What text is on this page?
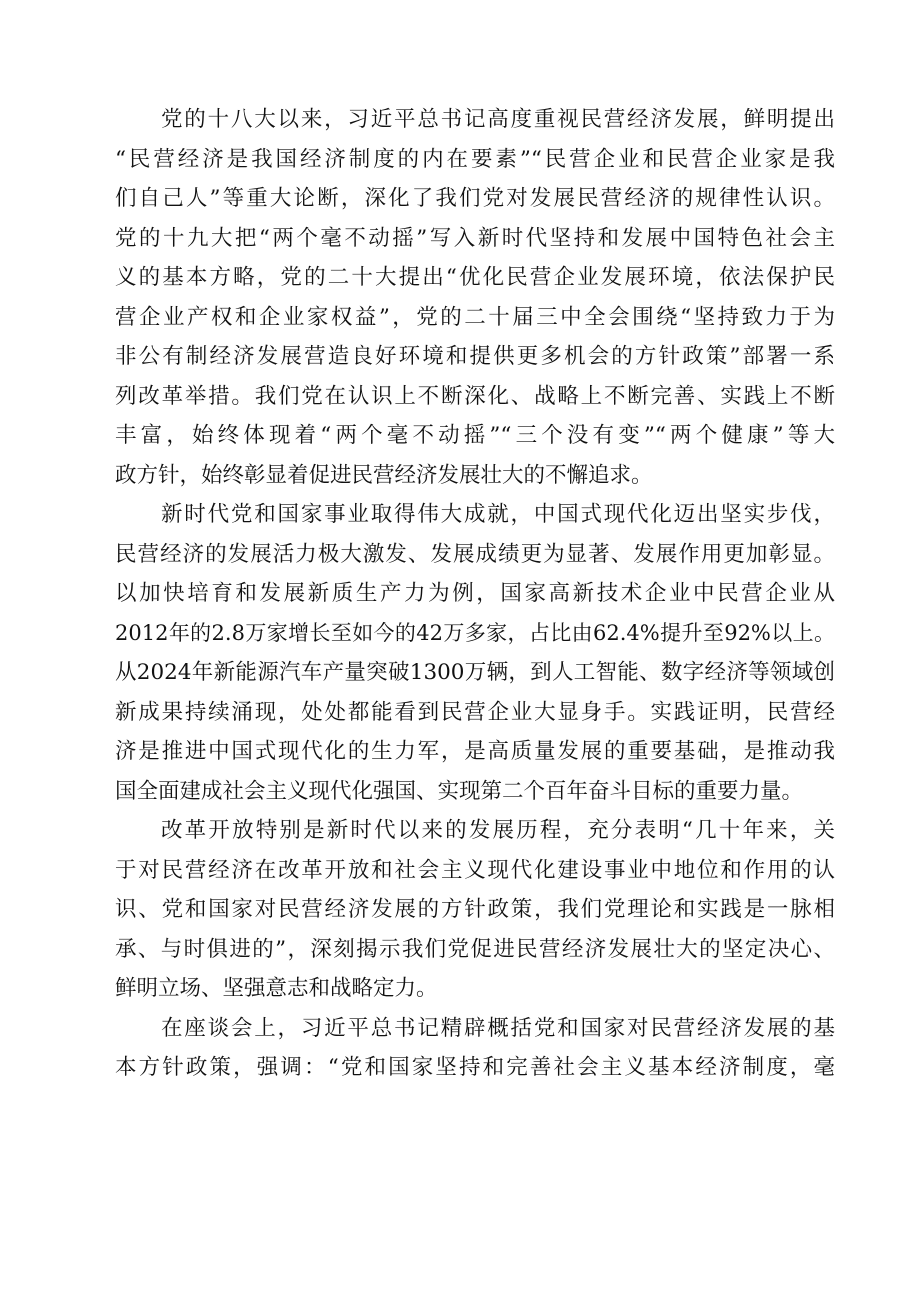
党的十八大以来，习近平总书记高度重视民营经济发展，鲜明提出
“民营经济是我国经济制度的内在要素”“民营企业和民营企业家是我
们自己人”等重大论断，深化了我们党对发展民营经济的规律性认识。
党的十九大把“两个毫不动摇”写入新时代坚持和发展中国特色社会主
义的基本方略，党的二十大提出“优化民营企业发展环境，依法保护民
营企业产权和企业家权益”，党的二十届三中全会围绕“坚持致力于为
非公有制经济发展营造良好环境和提供更多机会的方针政策”部署一系
列改革举措。我们党在认识上不断深化、战略上不断完善、实践上不断
丰富，始终体现着“两个毫不动摇”“三个没有变”“两个健康”等大
政方针，始终彰显着促进民营经济发展壮大的不懈追求。
新时代党和国家事业取得伟大成就，中国式现代化迈出坚实步伐，
民营经济的发展活力极大激发、发展成绩更为显著、发展作用更加彰显。
以加快培育和发展新质生产力为例，国家高新技术企业中民营企业从
2012年的2.8万家增长至如今的42万多家，占比由62.4%提升至92%以上。
从2024年新能源汽车产量突破1300万辆，到人工智能、数字经济等领域创
新成果持续涌现，处处都能看到民营企业大显身手。实践证明，民营经
济是推进中国式现代化的生力军，是高质量发展的重要基础，是推动我
国全面建成社会主义现代化强国、实现第二个百年奋斗目标的重要力量。
改革开放特别是新时代以来的发展历程，充分表明“几十年来，关
于对民营经济在改革开放和社会主义现代化建设事业中地位和作用的认
识、党和国家对民营经济发展的方针政策，我们党理论和实践是一脉相
承、与时俱进的”，深刻揭示我们党促进民营经济发展壮大的坚定决心、
鲜明立场、坚强意志和战略定力。
在座谈会上，习近平总书记精辟概括党和国家对民营经济发展的基
本方针政策，强调：“党和国家坚持和完善社会主义基本经济制度，毫
